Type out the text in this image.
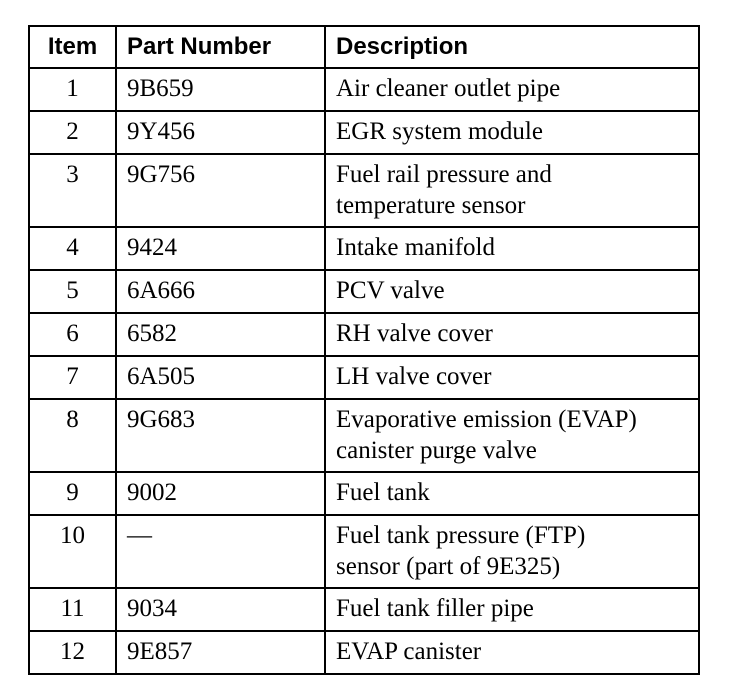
Item	Part Number	Description
1	9B659	Air cleaner outlet pipe

2	9Y456	EGR system module

3	9G756	Fuel rail pressure and
temperature sensor

4	9424	Intake manifold

5	6A666	PCV valve

6	6582	RH valve cover

7	6A505	LH valve cover

8	9G683	Evaporative emission (EVAP)
canister purge valve

9	9002	Fuel tank

10	—	Fuel tank pressure (FTP)
sensor (part of 9E325)

11	9034	Fuel tank filler pipe

12	9E857	EVAP canister
